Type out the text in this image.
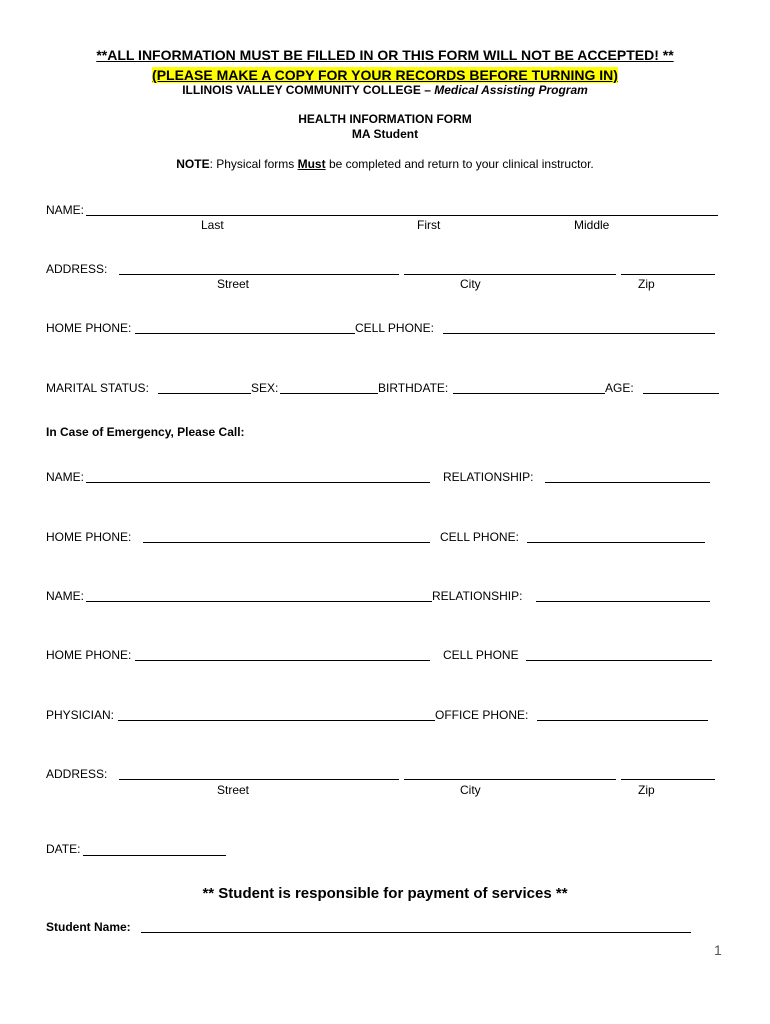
**ALL INFORMATION MUST BE FILLED IN OR THIS FORM WILL NOT BE ACCEPTED! **
(PLEASE MAKE A COPY FOR YOUR RECORDS BEFORE TURNING IN)
ILLINOIS VALLEY COMMUNITY COLLEGE – Medical Assisting Program
HEALTH INFORMATION FORM
MA Student
NOTE: Physical forms Must be completed and return to your clinical instructor.
NAME:
Last	First	Middle
ADDRESS:
Street	City	Zip
HOME PHONE:	CELL PHONE:
MARITAL STATUS:	SEX:	BIRTHDATE:	AGE:
In Case of Emergency, Please Call:
NAME:	RELATIONSHIP:
HOME PHONE:	CELL PHONE:
NAME:	RELATIONSHIP:
HOME PHONE:	CELL PHONE
PHYSICIAN:	OFFICE PHONE:
ADDRESS:
Street	City	Zip
DATE:
** Student is responsible for payment of services **
Student Name:
1
